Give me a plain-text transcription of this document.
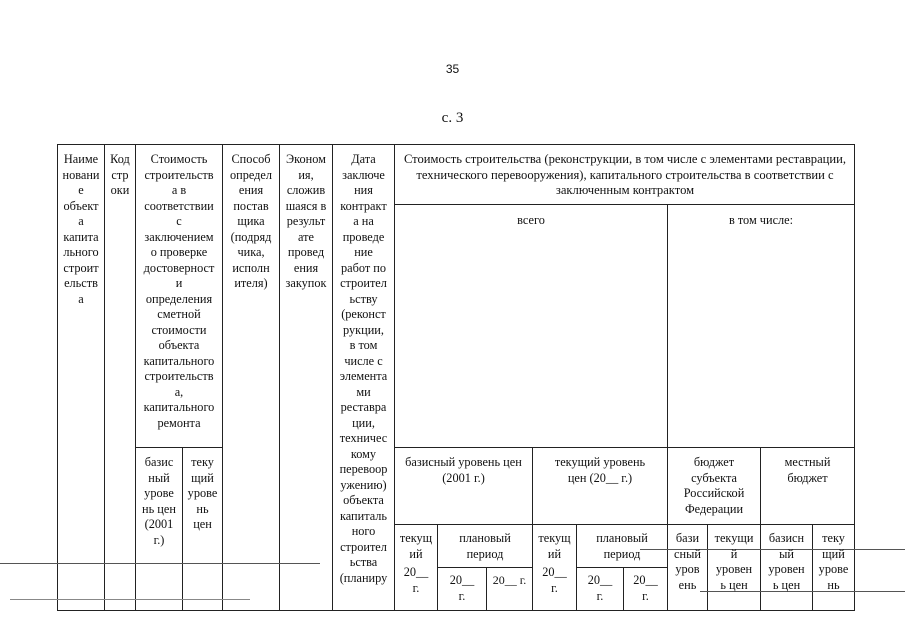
35
с. 3
Наиме
новани
е
объект
а
капита
льного
строит
ельств
а
Код
стр
оки
Стоимость
строительств
а в
соответствии
с
заключением
о проверке
достоверност
и
определения
сметной
стоимости
объекта
капитального
строительств
а,
капитального
ремонта
Способ
определ
ения
постав
щика
(подряд
чика,
исполн
ителя)
Эконом
ия,
сложив
шаяся в
результ
ате
провед
ения
закупок
Дата
заключе
ния
контракт
а на
проведе
ние
работ по
строител
ьству
(реконст
рукции,
в том
числе с
элемента
ми
реставра
ции,
техничес
кому
перевоор
ужению)
объекта
капиталь
ного
строител
ьства
(планиру
Стоимость строительства (реконструкции, в том числе с элементами реставрации, технического перевооружения), капитального строительства в соответствии с заключенным контрактом
всего	в том числе:
базис
ный
урове
нь цен
(2001
г.)
теку
щий
урове
нь
цен
базисный уровень цен
(2001 г.)
текущий уровень
цен (20__ г.)
бюджет
субъекта
Российской
Федерации
местный
бюджет
текущ
ий
плановый
период
текущ
ий
плановый
период
бази
сный
уров
ень
текущи
й
уровен
ь цен
базисн
ый
уровен
ь цен
теку
щий
урове
нь
20__
г.
20__
г.
20__ г.
20__
г.
20__
г.
20__
г.
